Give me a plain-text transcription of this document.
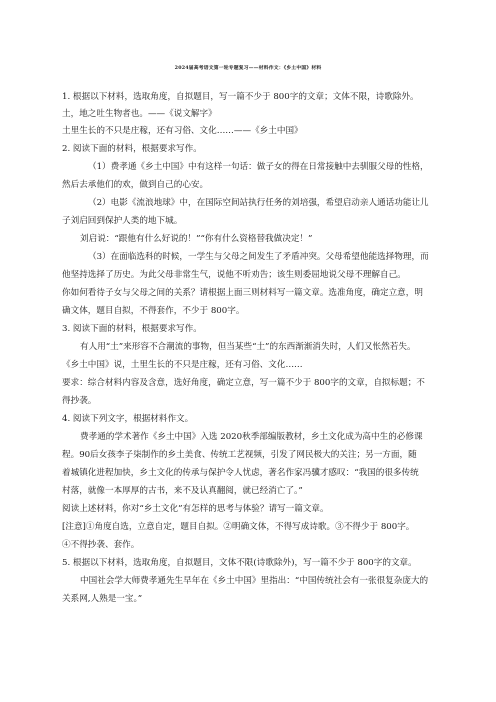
2024届高考语文第一轮专题复习——材料作文：《乡土中国》材料
1. 根据以下材料，选取角度，自拟题目，写一篇不少于 800字的文章；文体不限，诗歌除外。
土，地之吐生物者也。——《说文解字》
土里生长的不只是庄稼，还有习俗、文化……——《乡土中国》
2. 阅读下面的材料，根据要求写作。
（1）费孝通《乡土中国》中有这样一句话：做子女的得在日常接触中去驯服父母的性格，
然后去承他们的欢，做到自己的心安。
（2）电影《流浪地球》中，在国际空间站执行任务的刘培强，希望启动亲人通话功能让儿
子刘启回到保护人类的地下城。
刘启说：“跟他有什么好说的！”“你有什么资格替我做决定！”
（3）在面临选科的时候，一学生与父母之间发生了矛盾冲突。父母希望他能选择物理，而
他坚持选择了历史。为此父母非常生气，说他不听劝告；该生则委屈地说父母不理解自己。
你如何看待子女与父母之间的关系？请根据上面三则材料写一篇文章。选准角度，确定立意，明
确文体，题目自拟，不得套作，不少于 800字。
3. 阅读下面的材料，根据要求写作。
有人用“土”来形容不合潮流的事物，但当某些“土”的东西渐渐消失时，人们又怅然若失。
《乡土中国》说，土里生长的不只是庄稼，还有习俗、文化……
要求：综合材料内容及含意，选好角度，确定立意，写一篇不少于 800字的文章，自拟标题；不
得抄袭。
4. 阅读下列文字，根据材料作文。
费孝通的学术著作《乡土中国》入选 2020秋季部编版教材，乡土文化成为高中生的必修课
程。90后女孩李子柒制作的乡土美食、传统工艺视频，引发了网民极大的关注；另一方面，随
着城镇化进程加快，乡土文化的传承与保护令人忧虑，著名作家冯骥才感叹：“我国的很多传统
村落，就像一本厚厚的古书，来不及认真翻阅，就已经消亡了。”
阅读上述材料，你对“乡土文化”有怎样的思考与体验？请写一篇文章。
[注意]①角度自选，立意自定，题目自拟。②明确文体，不得写成诗歌。③不得少于 800字。
④不得抄袭、套作。
5. 根据以下材料，选取角度，自拟题目，文体不限(诗歌除外)，写一篇不少于 800字的文章。
中国社会学大师费孝通先生早年在《乡土中国》里指出：“中国传统社会有一张很复杂庞大的
关系网,人熟是一宝。”
